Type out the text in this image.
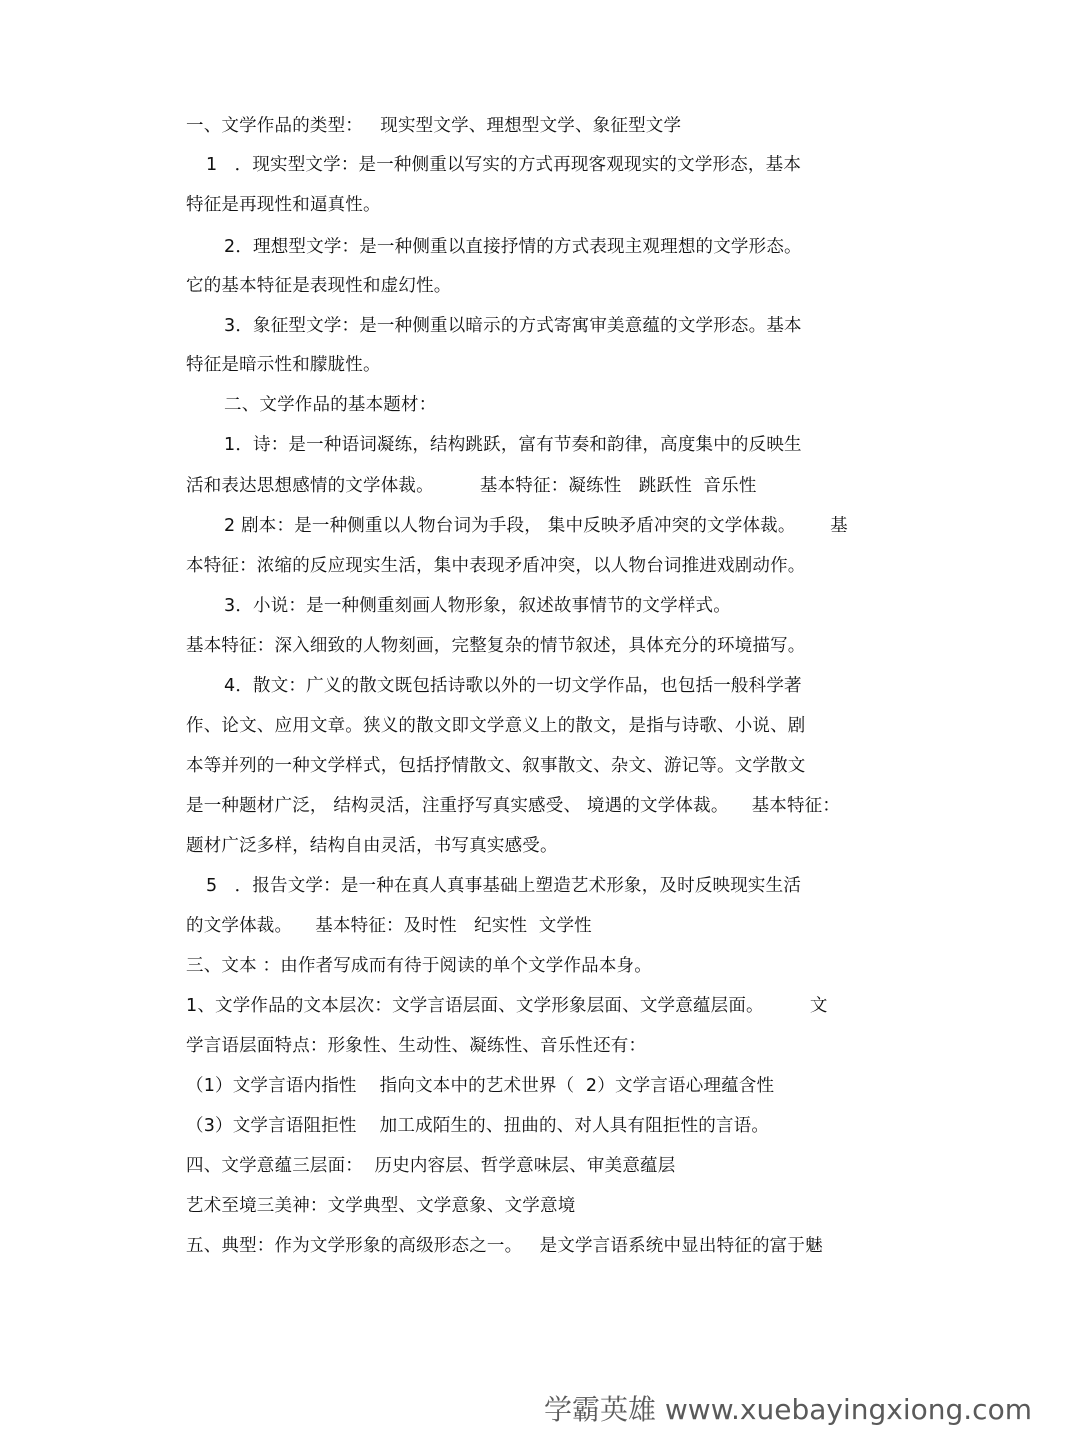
一、文学作品的类型：   现实型文学、理想型文学、象征型文学
1   ．现实型文学：是一种侧重以写实的方式再现客观现实的文学形态，基本
特征是再现性和逼真性。
2．理想型文学：是一种侧重以直接抒情的方式表现主观理想的文学形态。
它的基本特征是表现性和虚幻性。
3．象征型文学：是一种侧重以暗示的方式寄寓审美意蕴的文学形态。基本
特征是暗示性和朦胧性。
二、文学作品的基本题材：
1．诗：是一种语词凝练，结构跳跃，富有节奏和韵律，高度集中的反映生
活和表达思想感情的文学体裁。        基本特征：凝练性   跳跃性  音乐性
2 剧本：是一种侧重以人物台词为手段， 集中反映矛盾冲突的文学体裁。      基
本特征：浓缩的反应现实生活，集中表现矛盾冲突，以人物台词推进戏剧动作。
3．小说：是一种侧重刻画人物形象，叙述故事情节的文学样式。
基本特征：深入细致的人物刻画，完整复杂的情节叙述，具体充分的环境描写。
4．散文：广义的散文既包括诗歌以外的一切文学作品，也包括一般科学著
作、论文、应用文章。狭义的散文即文学意义上的散文，是指与诗歌、小说、剧
本等并列的一种文学样式，包括抒情散文、叙事散文、杂文、游记等。文学散文
是一种题材广泛， 结构灵活，注重抒写真实感受、 境遇的文学体裁。    基本特征：
题材广泛多样，结构自由灵活，书写真实感受。
5   ．报告文学：是一种在真人真事基础上塑造艺术形象，及时反映现实生活
的文学体裁。    基本特征：及时性   纪实性  文学性
三、文本 ：由作者写成而有待于阅读的单个文学作品本身。
1、文学作品的文本层次：文学言语层面、文学形象层面、文学意蕴层面。        文
学言语层面特点：形象性、生动性、凝练性、音乐性还有：
（1）文学言语内指性    指向文本中的艺术世界（  2）文学言语心理蕴含性
（3）文学言语阻拒性    加工成陌生的、扭曲的、对人具有阻拒性的言语。
四、文学意蕴三层面：  历史内容层、哲学意味层、审美意蕴层
艺术至境三美神：文学典型、文学意象、文学意境
五、典型：作为文学形象的高级形态之一。   是文学言语系统中显出特征的富于魅
学霸英雄 www.xuebayingxiong.com
